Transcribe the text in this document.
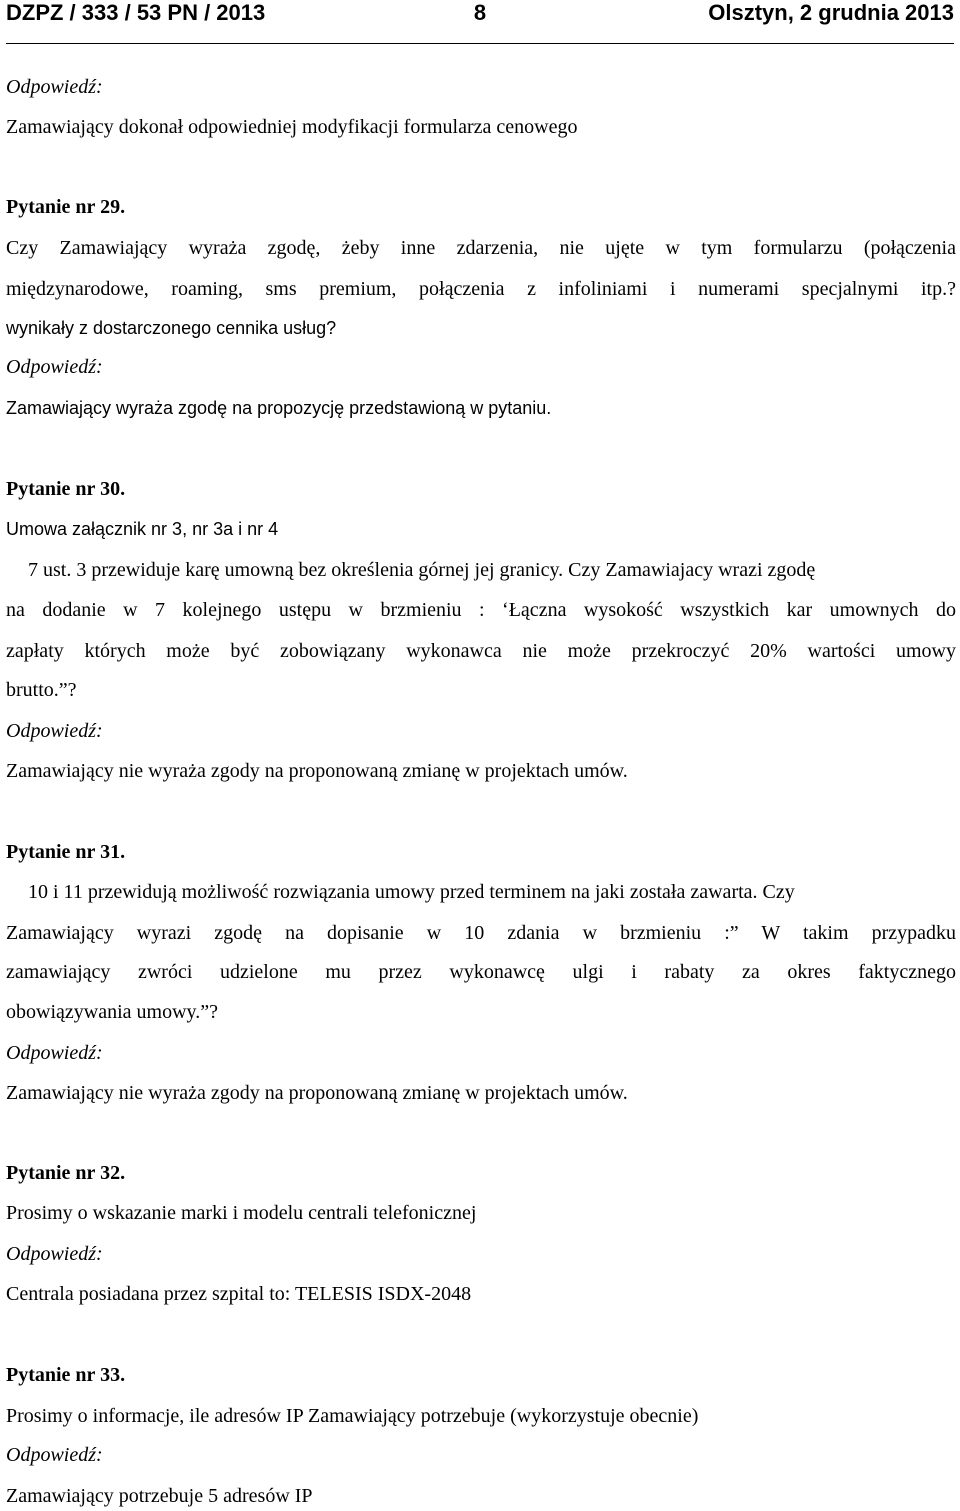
DZPZ / 333 / 53 PN / 2013	8	Olsztyn, 2 grudnia 2013
Odpowiedź:
Zamawiający dokonał odpowiedniej modyfikacji formularza cenowego
Pytanie nr 29.
Czy Zamawiający wyraża zgodę, żeby inne zdarzenia, nie ujęte w tym formularzu (połączenia
międzynarodowe, roaming, sms premium, połączenia z infoliniami i numerami specjalnymi itp.?
wynikały z dostarczonego cennika usług?
Odpowiedź:
Zamawiający wyraża zgodę na propozycję przedstawioną w pytaniu.
Pytanie nr 30.
Umowa załącznik nr 3, nr 3a i nr 4
7 ust. 3 przewiduje karę umowną bez określenia górnej jej granicy. Czy Zamawiajacy wrazi zgodę
na dodanie w 7 kolejnego ustępu w brzmieniu : ‘Łączna wysokość wszystkich kar umownych do
zapłaty których może być zobowiązany wykonawca nie może przekroczyć 20% wartości umowy
brutto.”?
Odpowiedź:
Zamawiający nie wyraża zgody na proponowaną zmianę w projektach umów.
Pytanie nr 31.
10 i 11 przewidują możliwość rozwiązania umowy przed terminem na jaki została zawarta. Czy
Zamawiający wyrazi zgodę na dopisanie w 10 zdania w brzmieniu :” W takim przypadku
zamawiający zwróci udzielone mu przez wykonawcę ulgi i rabaty za okres faktycznego
obowiązywania umowy.”?
Odpowiedź:
Zamawiający nie wyraża zgody na proponowaną zmianę w projektach umów.
Pytanie nr 32.
Prosimy o wskazanie marki i modelu centrali telefonicznej
Odpowiedź:
Centrala posiadana przez szpital to: TELESIS ISDX-2048
Pytanie nr 33.
Prosimy o informacje, ile adresów IP Zamawiający potrzebuje (wykorzystuje obecnie)
Odpowiedź:
Zamawiający potrzebuje 5 adresów IP
